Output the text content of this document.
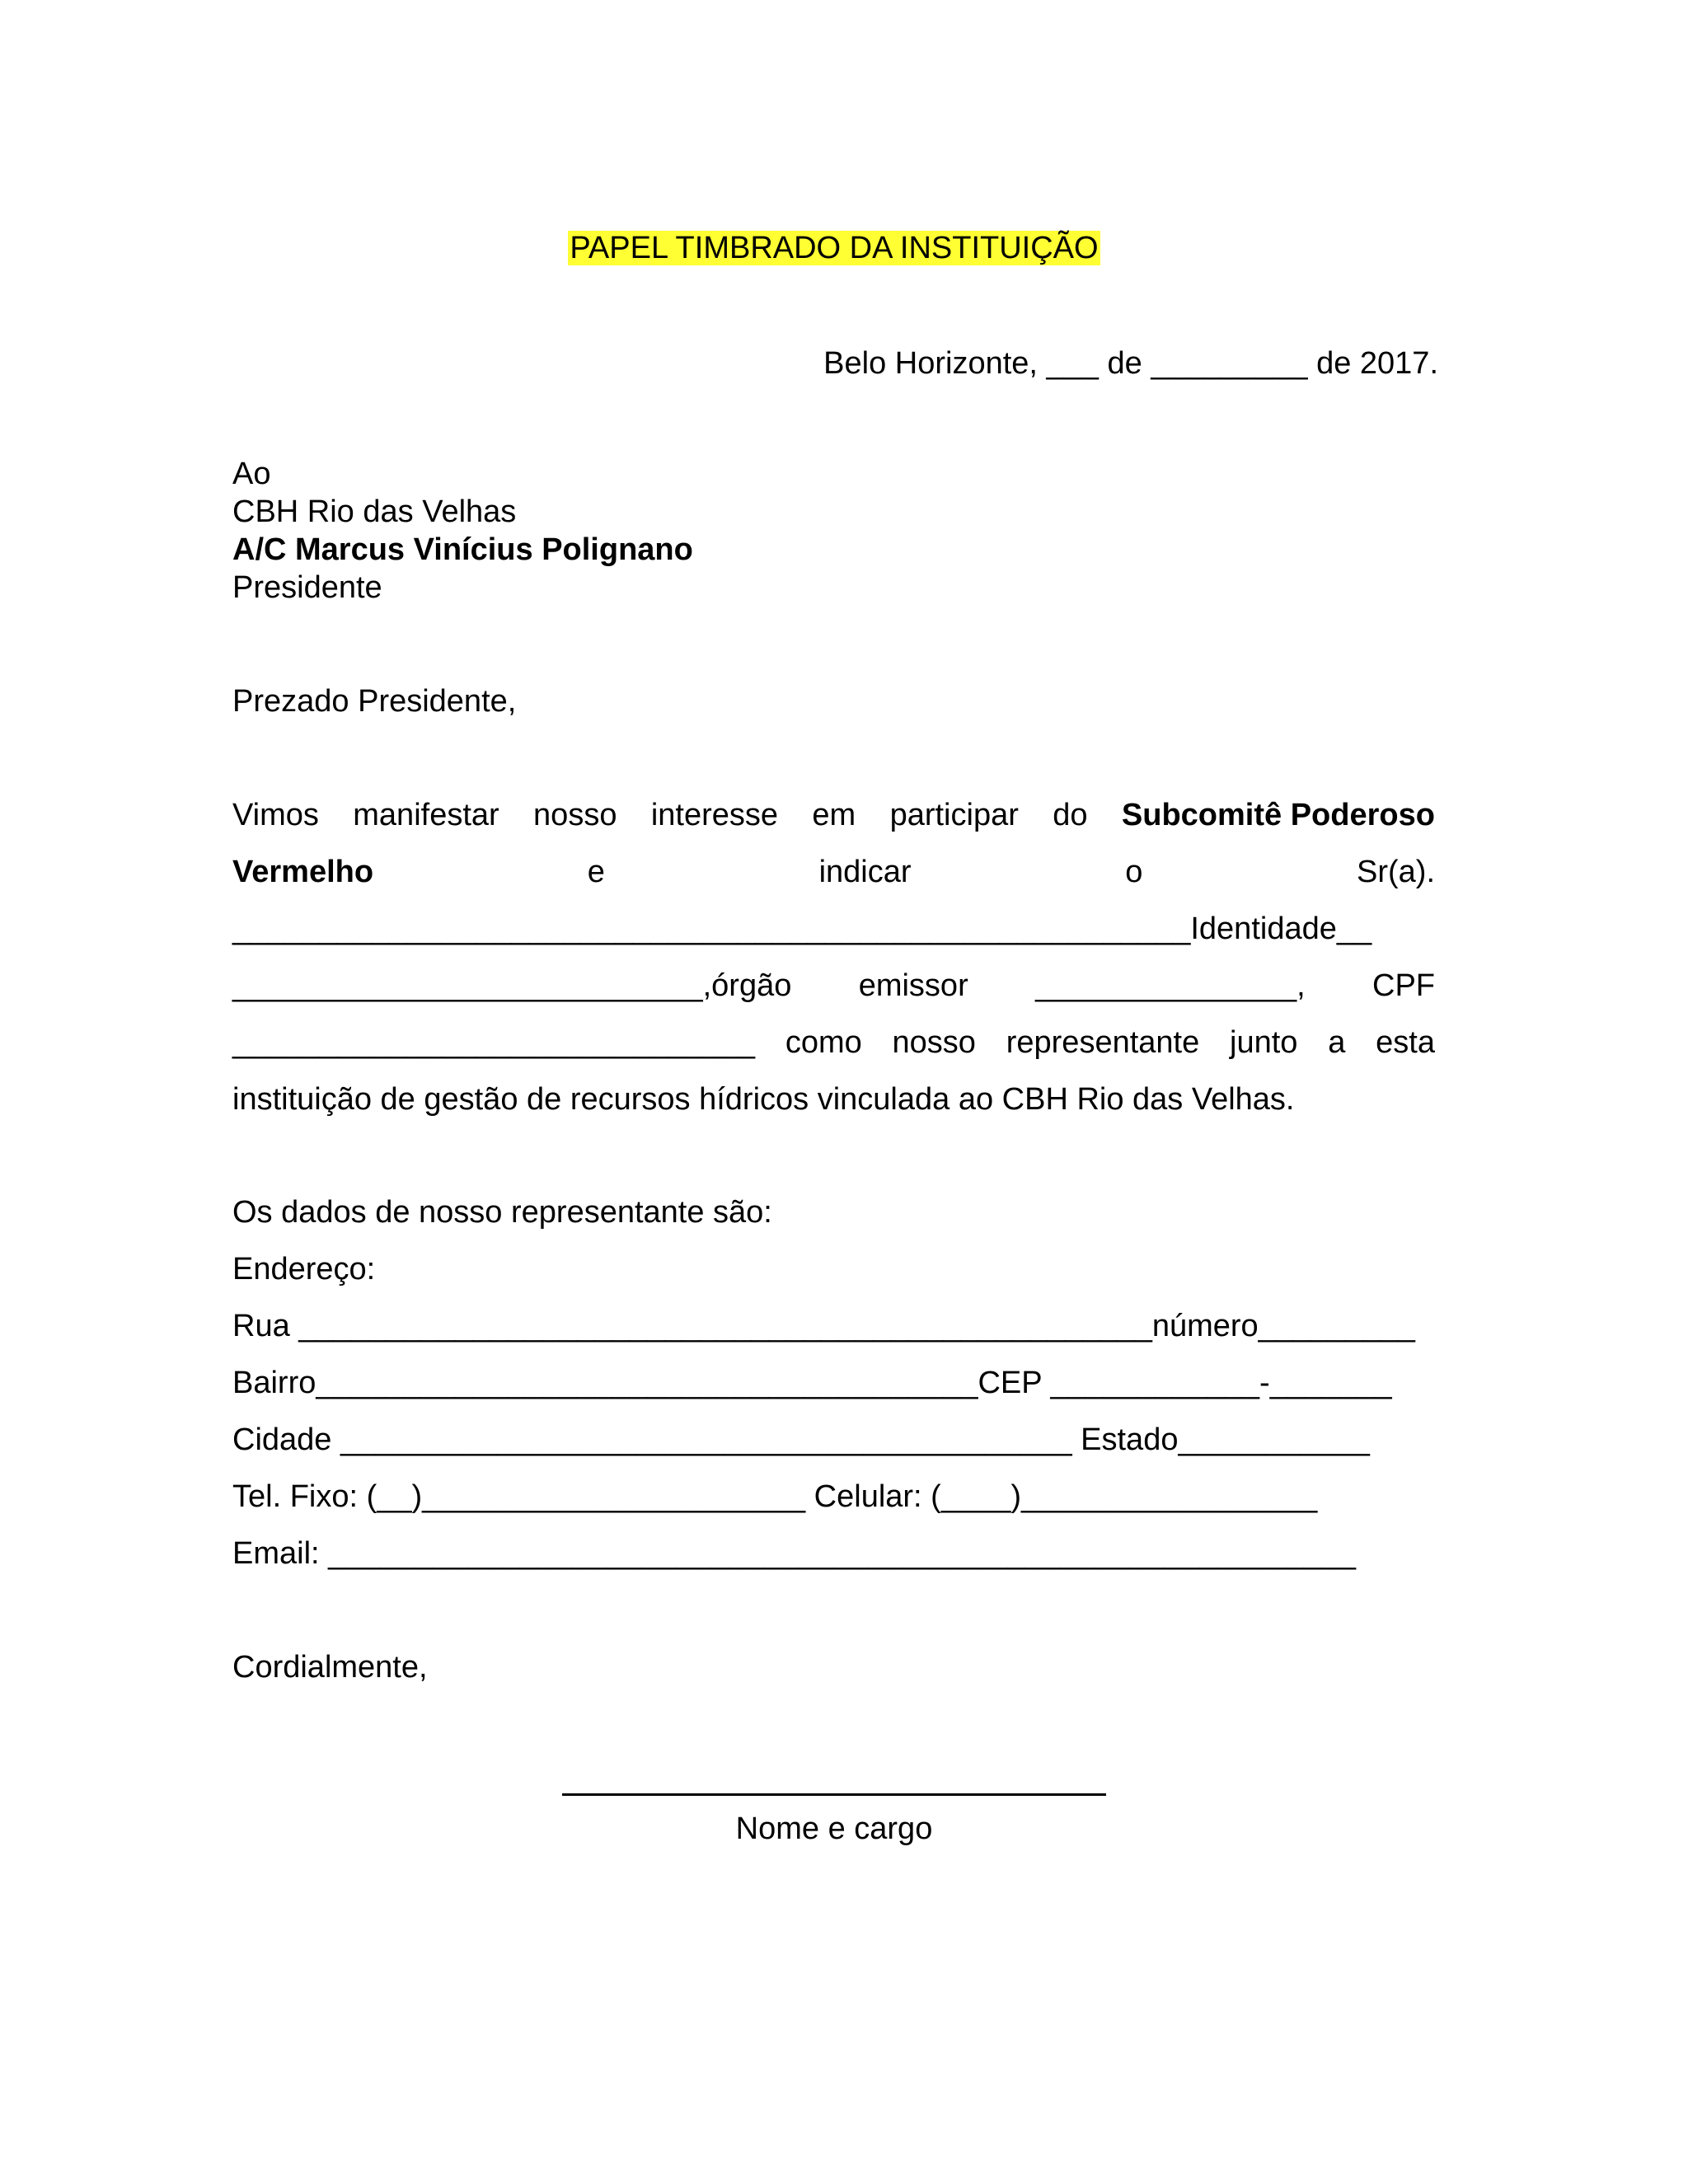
PAPEL TIMBRADO DA INSTITUIÇÃO
Belo Horizonte, ___ de _________ de 2017.
Ao
CBH Rio das Velhas
A/C Marcus Vinícius Polignano
Presidente
Prezado Presidente,
Vimos manifestar nosso interesse em participar do Subcomitê Poderoso
Vermelho	e	indicar	o	Sr(a).
_______________________________________________________Identidade__
___________________________,órgão emissor _______________, CPF
______________________________ como nosso representante junto a esta
instituição de gestão de recursos hídricos vinculada ao CBH Rio das Velhas.
Os dados de nosso representante são:
Endereço:
Rua _________________________________________________número_________
Bairro______________________________________CEP ____________-_______
Cidade __________________________________________ Estado___________
Tel. Fixo: (__)______________________ Celular: (____)_________________
Email: ___________________________________________________________
Cordialmente,
Nome e cargo
